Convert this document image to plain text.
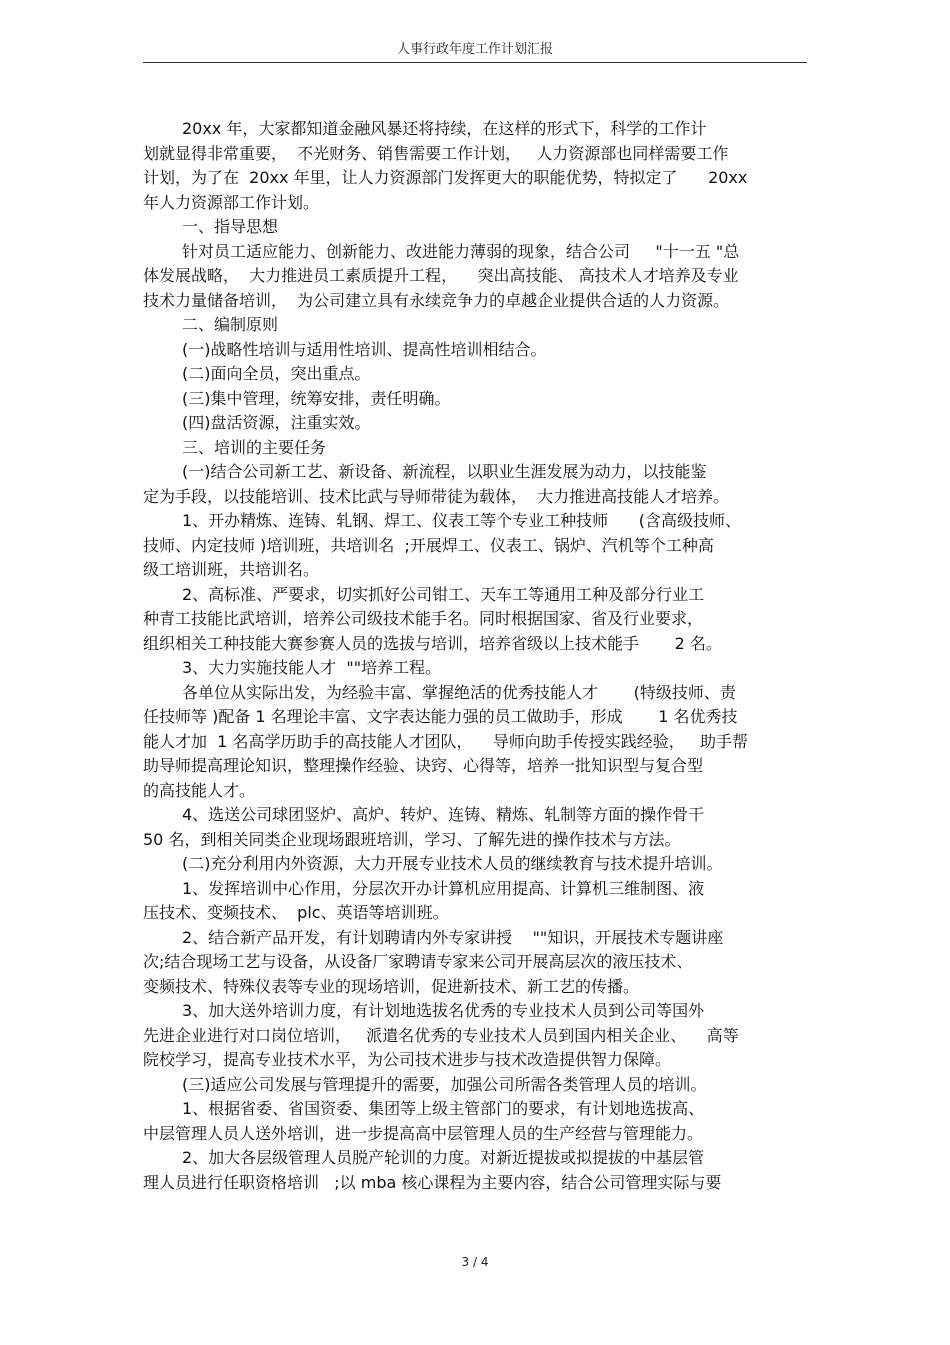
人事行政年度工作计划汇报
20xx 年，大家都知道金融风暴还将持续，在这样的形式下，科学的工作计
划就显得非常重要，  不光财务、销售需要工作计划，   人力资源部也同样需要工作
计划，为了在  20xx 年里，让人力资源部门发挥更大的职能优势，特拟定了      20xx
年人力资源部工作计划。
一、指导思想
针对员工适应能力、创新能力、改进能力薄弱的现象，结合公司     "十一五 "总
体发展战略，  大力推进员工素质提升工程，    突出高技能、 高技术人才培养及专业
技术力量储备培训，  为公司建立具有永续竞争力的卓越企业提供合适的人力资源。
二、编制原则
(一)战略性培训与适用性培训、提高性培训相结合。
(二)面向全员，突出重点。
(三)集中管理，统筹安排，责任明确。
(四)盘活资源，注重实效。
三、培训的主要任务
(一)结合公司新工艺、新设备、新流程，以职业生涯发展为动力，以技能鉴
定为手段，以技能培训、技术比武与导师带徒为载体，  大力推进高技能人才培养。
1、开办精炼、连铸、轧钢、焊工、仪表工等个专业工种技师      (含高级技师、
技师、内定技师 )培训班，共培训名  ;开展焊工、仪表工、锅炉、汽机等个工种高
级工培训班，共培训名。
2、高标准、严要求，切实抓好公司钳工、天车工等通用工种及部分行业工
种青工技能比武培训，培养公司级技术能手名。同时根据国家、省及行业要求，
组织相关工种技能大赛参赛人员的选拔与培训，培养省级以上技术能手       2 名。
3、大力实施技能人才  ""培养工程。
各单位从实际出发，为经验丰富、掌握绝活的优秀技能人才       (特级技师、责
任技师等 )配备 1 名理论丰富、文字表达能力强的员工做助手，形成       1 名优秀技
能人才加  1 名高学历助手的高技能人才团队，    导师向助手传授实践经验，   助手帮
助导师提高理论知识，整理操作经验、诀窍、心得等，培养一批知识型与复合型
的高技能人才。
4、选送公司球团竖炉、高炉、转炉、连铸、精炼、轧制等方面的操作骨干
50 名，到相关同类企业现场跟班培训，学习、了解先进的操作技术与方法。
(二)充分利用内外资源，大力开展专业技术人员的继续教育与技术提升培训。
1、发挥培训中心作用，分层次开办计算机应用提高、计算机三维制图、液
压技术、变频技术、  plc、英语等培训班。
2、结合新产品开发，有计划聘请内外专家讲授    ""知识，开展技术专题讲座
次;结合现场工艺与设备，从设备厂家聘请专家来公司开展高层次的液压技术、
变频技术、特殊仪表等专业的现场培训，促进新技术、新工艺的传播。
3、加大送外培训力度，有计划地选拔名优秀的专业技术人员到公司等国外
先进企业进行对口岗位培训，   派遣名优秀的专业技术人员到国内相关企业、    高等
院校学习，提高专业技术水平，为公司技术进步与技术改造提供智力保障。
(三)适应公司发展与管理提升的需要，加强公司所需各类管理人员的培训。
1、根据省委、省国资委、集团等上级主管部门的要求，有计划地选拔高、
中层管理人员人送外培训，进一步提高高中层管理人员的生产经营与管理能力。
2、加大各层级管理人员脱产轮训的力度。对新近提拔或拟提拔的中基层管
理人员进行任职资格培训   ;以 mba 核心课程为主要内容，结合公司管理实际与要
3 / 4
